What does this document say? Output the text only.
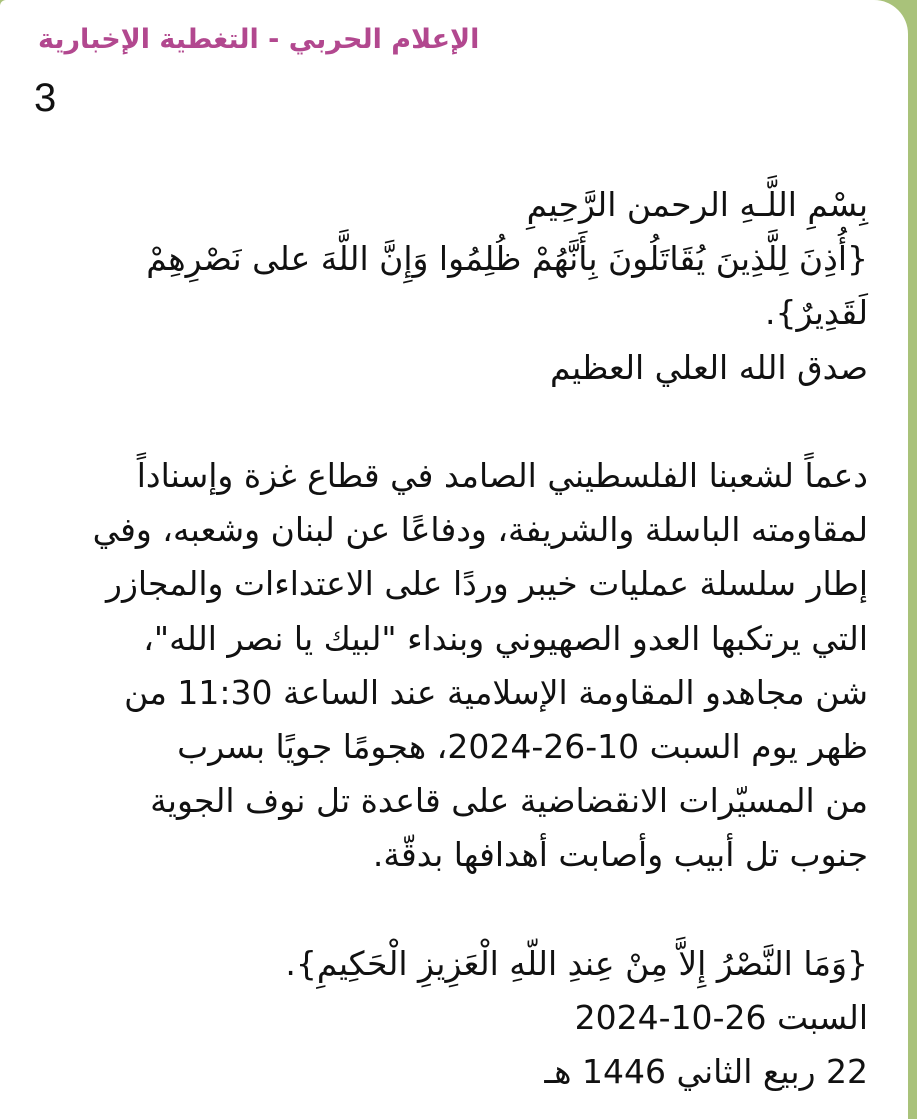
الإعلام الحربي - التغطية الإخبارية
3
بِسْمِ اللَّـهِ الرحمن الرَّحِيمِ
{أُذِنَ لِلَّذِينَ يُقَاتَلُونَ بِأَنَّهُمْ ظُلِمُوا وَإِنَّ اللَّهَ على نَصْرِهِمْ
لَقَدِيرٌ}.
صدق الله العلي العظيم
دعماً لشعبنا الفلسطيني الصامد في قطاع غزة وإسناداً
لمقاومته الباسلة والشريفة، ودفاعًا عن لبنان وشعبه، وفي
إطار سلسلة عمليات خيبر وردًا على الاعتداءات والمجازر
التي يرتكبها العدو الصهيوني وبنداء "لبيك يا نصر الله"،
شن مجاهدو المقاومة الإسلامية عند الساعة 11:30 من
ظهر يوم السبت 10-26-2024، هجومًا جويًا بسرب
من المسيّرات الانقضاضية على قاعدة تل نوف الجوية
جنوب تل أبيب وأصابت أهدافها بدقّة.
{وَمَا النَّصْرُ إِلاَّ مِنْ عِندِ اللّهِ الْعَزِيزِ الْحَكِيمِ}.
السبت 26-10-2024
22 ربيع الثاني 1446 هـ
